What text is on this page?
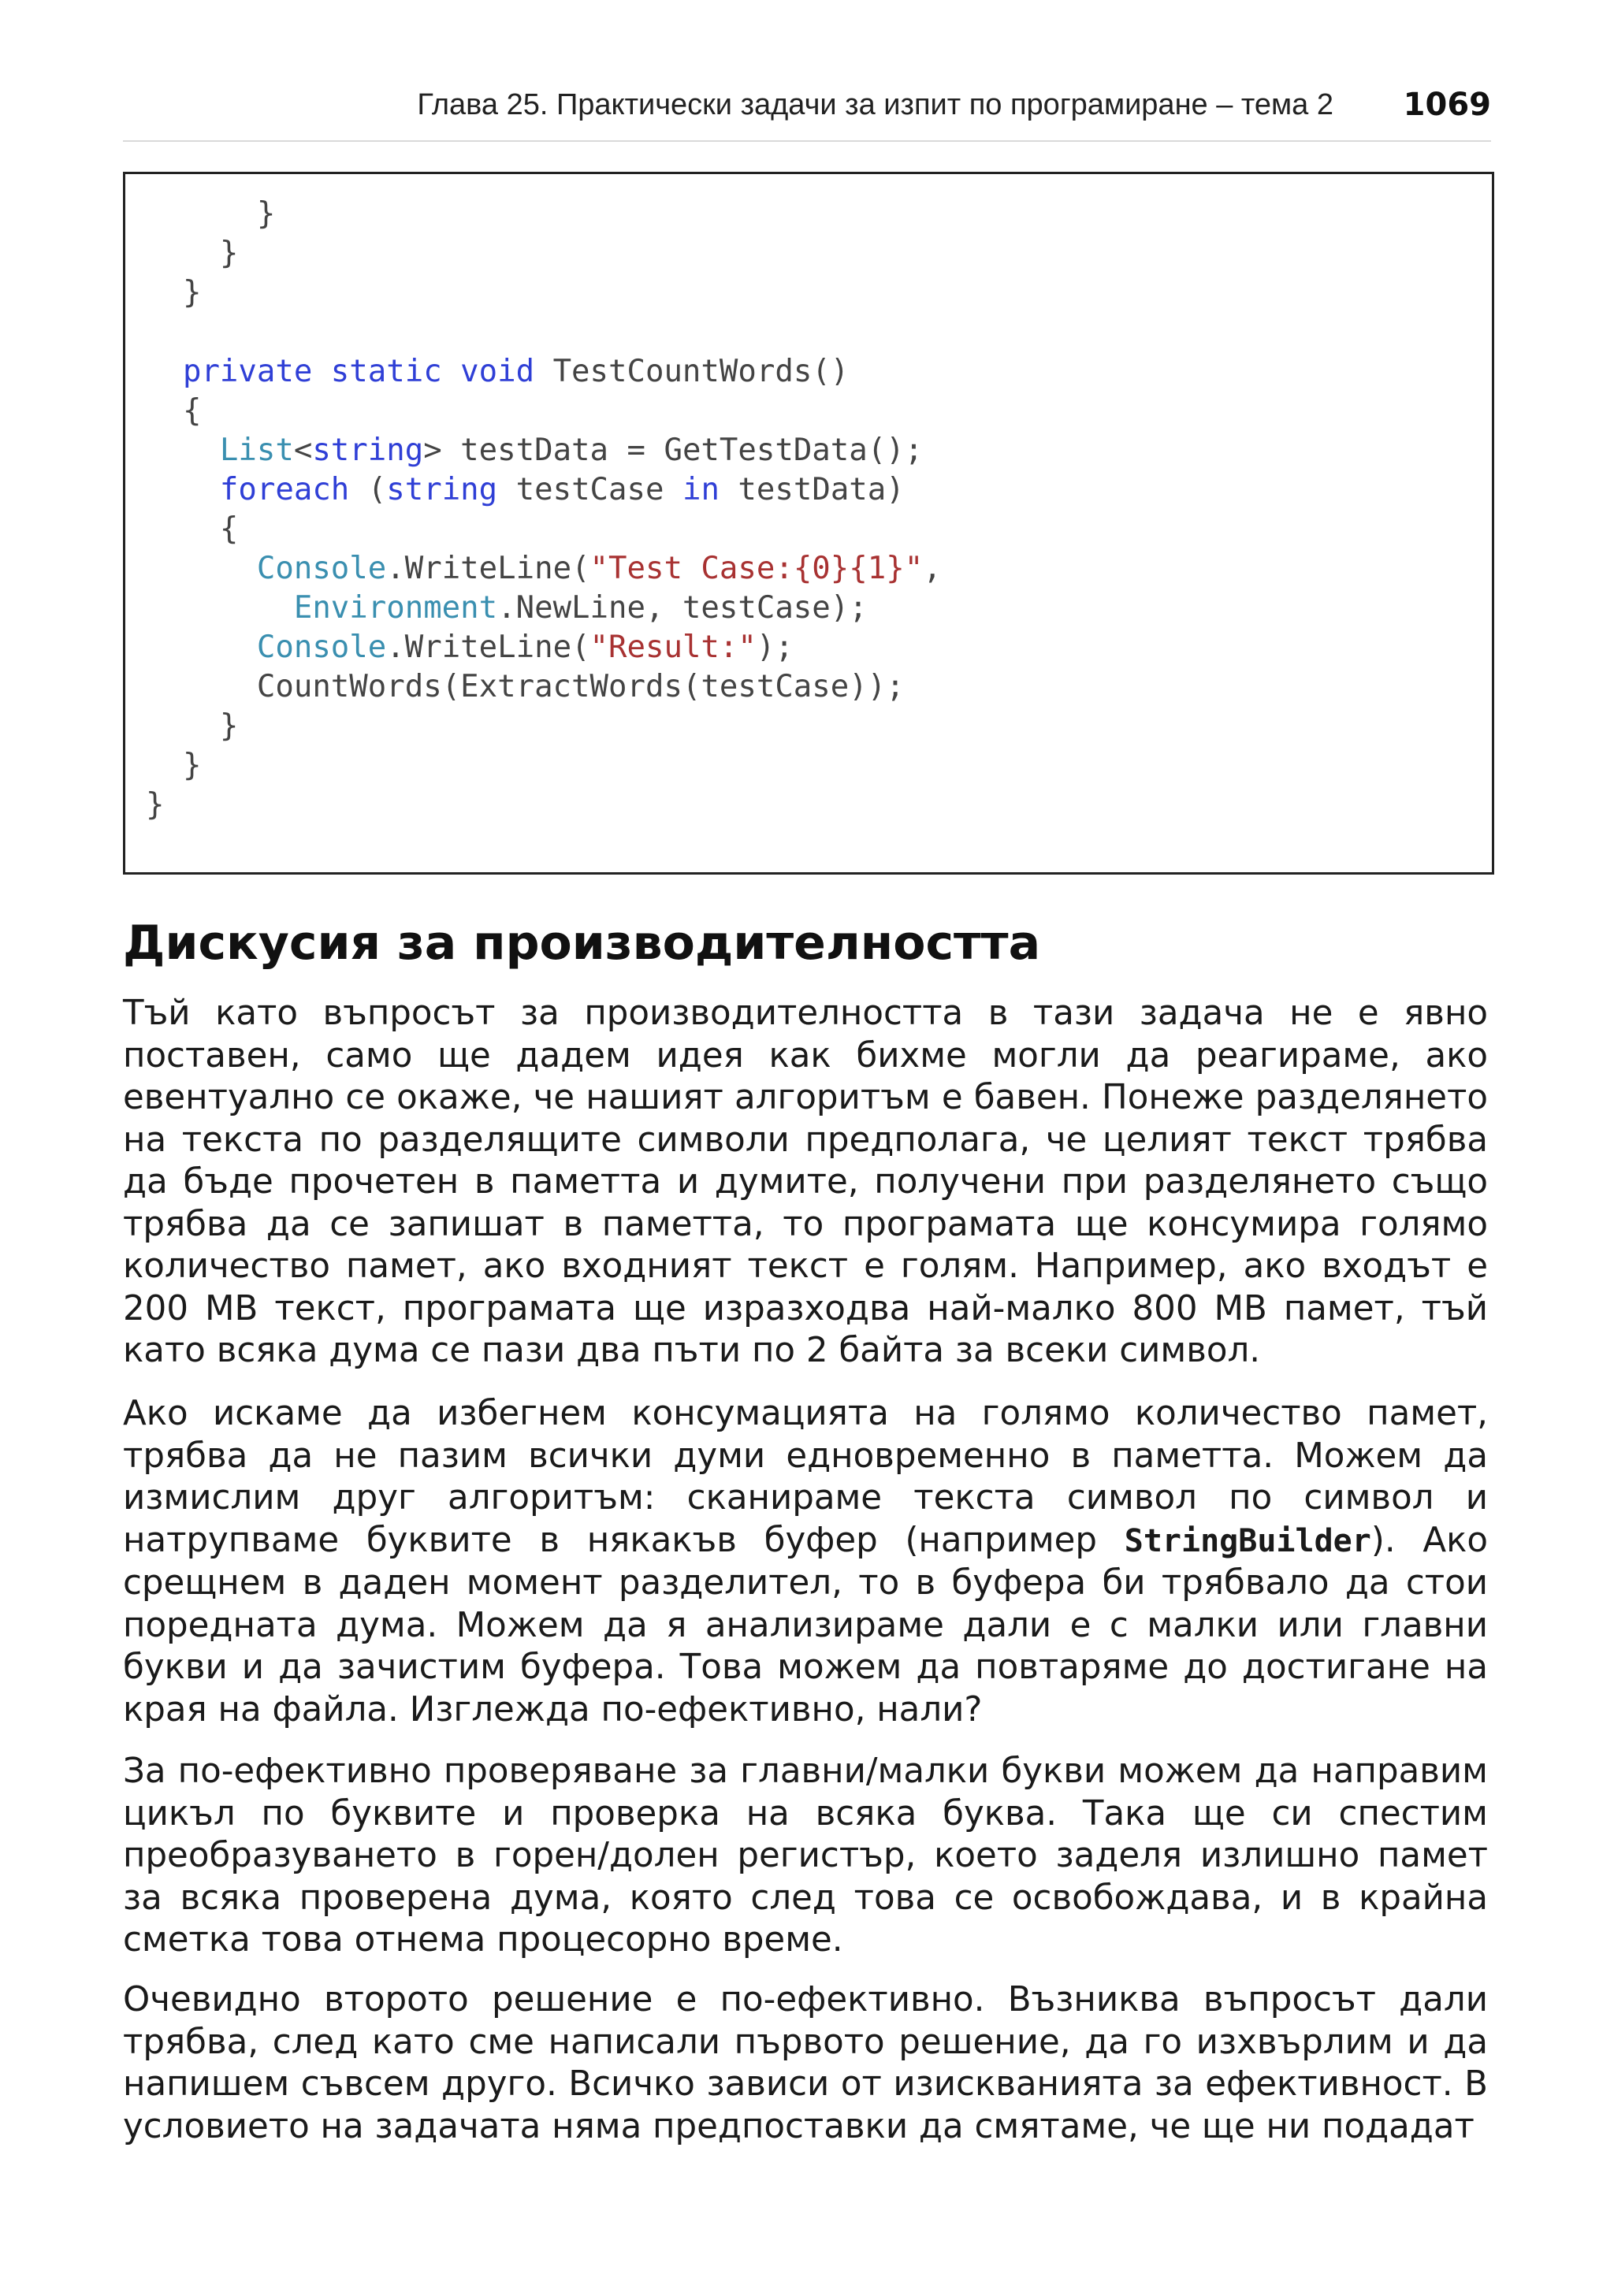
Глава 25. Практически задачи за изпит по програмиране – тема 2 1069
}
}
}
private static void TestCountWords()
{
List<string> testData = GetTestData();
foreach (string testCase in testData)
{
Console.WriteLine("Test Case:{0}{1}",
Environment.NewLine, testCase);
Console.WriteLine("Result:");
CountWords(ExtractWords(testCase));
}
}
}
Дискусия за производителността

Тъй като въпросът за производителността в тази задача не е явно поставен, само ще дадем идея как бихме могли да реагираме, ако евентуално се окаже, че нашият алгоритъм е бавен. Понеже разделянето на текста по разделящите символи предполага, че целият текст трябва да бъде прочетен в паметта и думите, получени при разделянето също трябва да се запишат в паметта, то програмата ще консумира голямо количество памет, ако входният текст е голям. Например, ако входът е 200 MB текст, програмата ще изразходва най-малко 800 MB памет, тъй като всяка дума се пази два пъти по 2 байта за всеки символ.

Ако искаме да избегнем консумацията на голямо количество памет, трябва да не пазим всички думи едновременно в паметта. Можем да измислим друг алгоритъм: сканираме текста символ по символ и натрупваме буквите в някакъв буфер (например StringBuilder). Ако срещнем в даден момент разделител, то в буфера би трябвало да стои поредната дума. Можем да я анализираме дали е с малки или главни букви и да зачистим буфера. Това можем да повтаряме до достигане на края на файла. Изглежда по-ефективно, нали?

За по-ефективно проверяване за главни/малки букви можем да направим цикъл по буквите и проверка на всяка буква. Така ще си спестим преобразуването в горен/долен регистър, което заделя излишно памет за всяка проверена дума, която след това се освобождава, и в крайна сметка това отнема процесорно време.

Очевидно второто решение е по-ефективно. Възниква въпросът дали трябва, след като сме написали първото решение, да го изхвърлим и да напишем съвсем друго. Всичко зависи от изискванията за ефективност. В условието на задачата няма предпоставки да смятаме, че ще ни подадат
